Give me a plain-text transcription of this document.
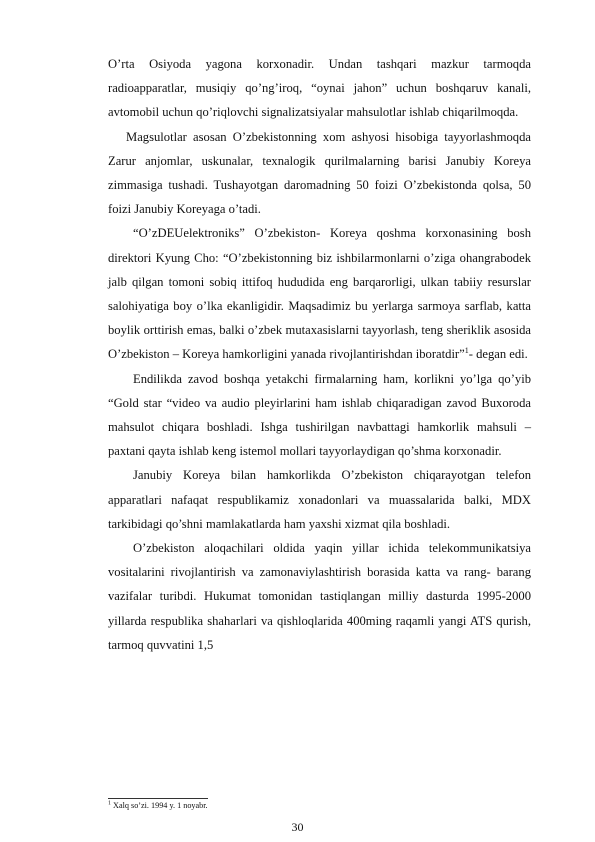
O’rta Osiyoda yagona korxonadir. Undan tashqari mazkur tarmoqda radioapparatlar, musiqiy qo’ng’iroq, “oynai jahon” uchun boshqaruv kanali, avtomobil uchun qo’riqlovchi signalizatsiyalar mahsulotlar ishlab chiqarilmoqda.

Magsulotlar asosan O’zbekistonning xom ashyosi hisobiga tayyorlashmoqda Zarur anjomlar, uskunalar, texnalogik qurilmalarning barisi Janubiy Koreya zimmasiga tushadi. Tushayotgan daromadning 50 foizi O’zbekistonda qolsa, 50 foizi Janubiy Koreyaga o’tadi.

“O’zDEUelektroniks” O’zbekiston- Koreya qoshma korxonasining bosh direktori Kyung Cho: “O’zbekistonning biz ishbilarmonlarni o’ziga ohangrabodek jalb qilgan tomoni sobiq ittifoq hududida eng barqarorligi, ulkan tabiiy resurslar salohiyatiga boy o’lka ekanligidir. Maqsadimiz bu yerlarga sarmoya sarflab, katta boylik orttirish emas, balki o’zbek mutaxasislarni tayyorlash, teng sheriklik asosida O’zbekiston – Koreya hamkorligini yanada rivojlantirishdan iboratdir”$^1$- degan edi.

Endilikda zavod boshqa yetakchi firmalarning ham, korlikni yo’lga qo’yib “Gold star “video va audio pleyirlarini ham ishlab chiqaradigan zavod Buxoroda mahsulot chiqara boshladi. Ishga tushirilgan navbattagi hamkorlik mahsuli – paxtani qayta ishlab keng istemol mollari tayyorlaydigan qo’shma korxonadir.

Janubiy Koreya bilan hamkorlikda O’zbekiston chiqarayotgan telefon apparatlari nafaqat respublikamiz xonadonlari va muassalarida balki, MDX tarkibidagi qo’shni mamlakatlarda ham yaxshi xizmat qila boshladi.

O’zbekiston aloqachilari oldida yaqin yillar ichida telekommunikatsiya vositalarini rivojlantirish va zamonaviylashtirish borasida katta va rang- barang vazifalar turibdi. Hukumat tomonidan tastiqlangan milliy dasturda 1995-2000 yillarda respublika shaharlari va qishloqlarida 400ming raqamli yangi ATS qurish, tarmoq quvvatini 1,5

$^1$ Xalq so’zi. 1994 y. 1 noyabr.
30
